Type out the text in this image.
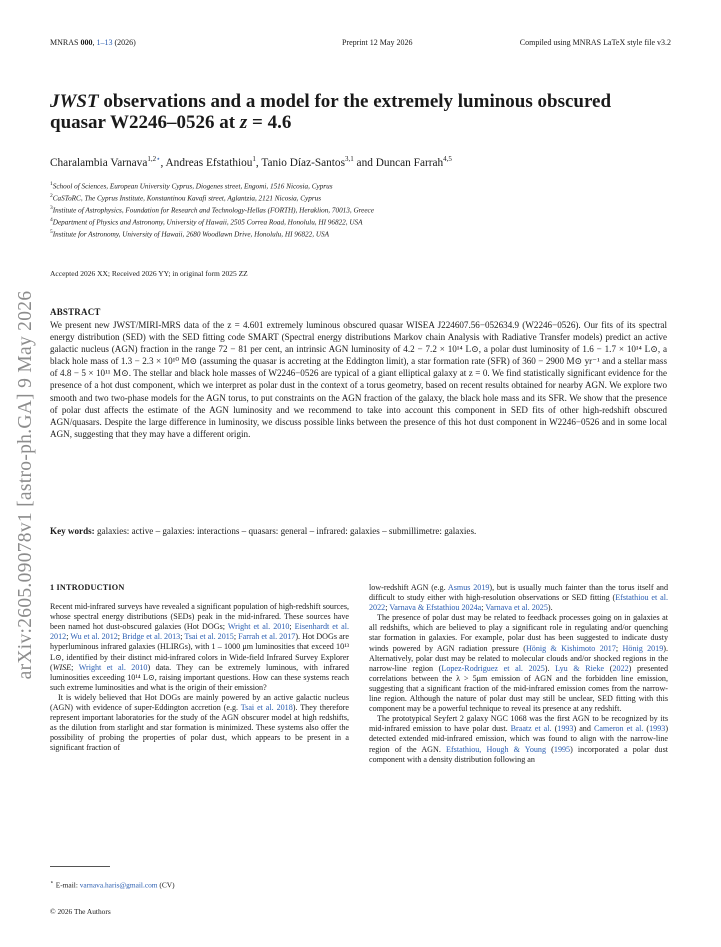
MNRAS 000, 1–13 (2026)	Preprint 12 May 2026	Compiled using MNRAS LaTeX style file v3.2
arXiv:2605.09078v1 [astro-ph.GA] 9 May 2026
JWST observations and a model for the extremely luminous obscured
quasar W2246–0526 at z = 4.6
Charalambia Varnava$^{1,2⋆}$, Andreas Efstathiou$^1$, Tanio Díaz-Santos$^{3,1}$ and Duncan Farrah$^{4,5}$
$^1$School of Sciences, European University Cyprus, Diogenes street, Engomi, 1516 Nicosia, Cyprus
$^2$CaSToRC, The Cyprus Institute, Konstantinou Kavafi street, Aglantzia, 2121 Nicosia, Cyprus
$^3$Institute of Astrophysics, Foundation for Research and Technology-Hellas (FORTH), Heraklion, 70013, Greece
$^4$Department of Physics and Astronomy, University of Hawaii, 2505 Correa Road, Honolulu, HI 96822, USA
$^5$Institute for Astronomy, University of Hawaii, 2680 Woodlawn Drive, Honolulu, HI 96822, USA
Accepted 2026 XX; Received 2026 YY; in original form 2025 ZZ
ABSTRACT
We present new JWST/MIRI-MRS data of the z = 4.601 extremely luminous obscured quasar WISEA J224607.56−052634.9 (W2246−0526). Our fits of its spectral energy distribution (SED) with the SED fitting code SMART (Spectral energy distributions Markov chain Analysis with Radiative Transfer models) predict an active galactic nucleus (AGN) fraction in the range 72 − 81 per cent, an intrinsic AGN luminosity of 4.2 − 7.2 × 10¹⁴ L⊙, a polar dust luminosity of 1.6 − 1.7 × 10¹⁴ L⊙, a black hole mass of 1.3 − 2.3 × 10¹⁰ M⊙ (assuming the quasar is accreting at the Eddington limit), a star formation rate (SFR) of 360 − 2900 M⊙ yr⁻¹ and a stellar mass of 4.8 − 5 × 10¹¹ M⊙. The stellar and black hole masses of W2246−0526 are typical of a giant elliptical galaxy at z = 0. We find statistically significant evidence for the presence of a hot dust component, which we interpret as polar dust in the context of a torus geometry, based on recent results obtained for nearby AGN. We explore two smooth and two two-phase models for the AGN torus, to put constraints on the AGN fraction of the galaxy, the black hole mass and its SFR. We show that the presence of polar dust affects the estimate of the AGN luminosity and we recommend to take into account this component in SED fits of other high-redshift obscured AGN/quasars. Despite the large difference in luminosity, we discuss possible links between the presence of this hot dust component in W2246−0526 and in some local AGN, suggesting that they may have a different origin.
Key words: galaxies: active – galaxies: interactions – quasars: general – infrared: galaxies – submillimetre: galaxies.
1 INTRODUCTION

Recent mid-infrared surveys have revealed a significant population of high-redshift sources, whose spectral energy distributions (SEDs) peak in the mid-infrared. These sources have been named hot dust-obscured galaxies (Hot DOGs; Wright et al. 2010; Eisenhardt et al. 2012; Wu et al. 2012; Bridge et al. 2013; Tsai et al. 2015; Farrah et al. 2017). Hot DOGs are hyperluminous infrared galaxies (HLIRGs), with 1 – 1000 μm luminosities that exceed 10¹³ L⊙, identified by their distinct mid-infrared colors in Wide-field Infrared Survey Explorer (WISE; Wright et al. 2010) data. They can be extremely luminous, with infrared luminosities exceeding 10¹⁴ L⊙, raising important questions. How can these systems reach such extreme luminosities and what is the origin of their emission?

It is widely believed that Hot DOGs are mainly powered by an active galactic nucleus (AGN) with evidence of super-Eddington accretion (e.g. Tsai et al. 2018). They therefore represent important laboratories for the study of the AGN obscurer model at high redshifts, as the dilution from starlight and star formation is minimized. These systems also offer the possibility of probing the properties of polar dust, which appears to be present in a significant fraction of

low-redshift AGN (e.g. Asmus 2019), but is usually much fainter than the torus itself and difficult to study either with high-resolution observations or SED fitting (Efstathiou et al. 2022; Varnava & Efstathiou 2024a; Varnava et al. 2025).

The presence of polar dust may be related to feedback processes going on in galaxies at all redshifts, which are believed to play a significant role in regulating and/or quenching star formation in galaxies. For example, polar dust has been suggested to indicate dusty winds powered by AGN radiation pressure (Hönig & Kishimoto 2017; Hönig 2019). Alternatively, polar dust may be related to molecular clouds and/or shocked regions in the narrow-line region (Lopez-Rodriguez et al. 2025). Lyu & Rieke (2022) presented correlations between the λ > 5μm emission of AGN and the forbidden line emission, suggesting that a significant fraction of the mid-infrared emission comes from the narrow-line region. Although the nature of polar dust may still be unclear, SED fitting with this component may be a powerful technique to reveal its presence at any redshift.

The prototypical Seyfert 2 galaxy NGC 1068 was the first AGN to be recognized by its mid-infrared emission to have polar dust. Braatz et al. (1993) and Cameron et al. (1993) detected extended mid-infrared emission, which was found to align with the narrow-line region of the AGN. Efstathiou, Hough & Young (1995) incorporated a polar dust component with a density distribution following an

⋆ E-mail: varnava.haris@gmail.com (CV)
© 2026 The Authors
